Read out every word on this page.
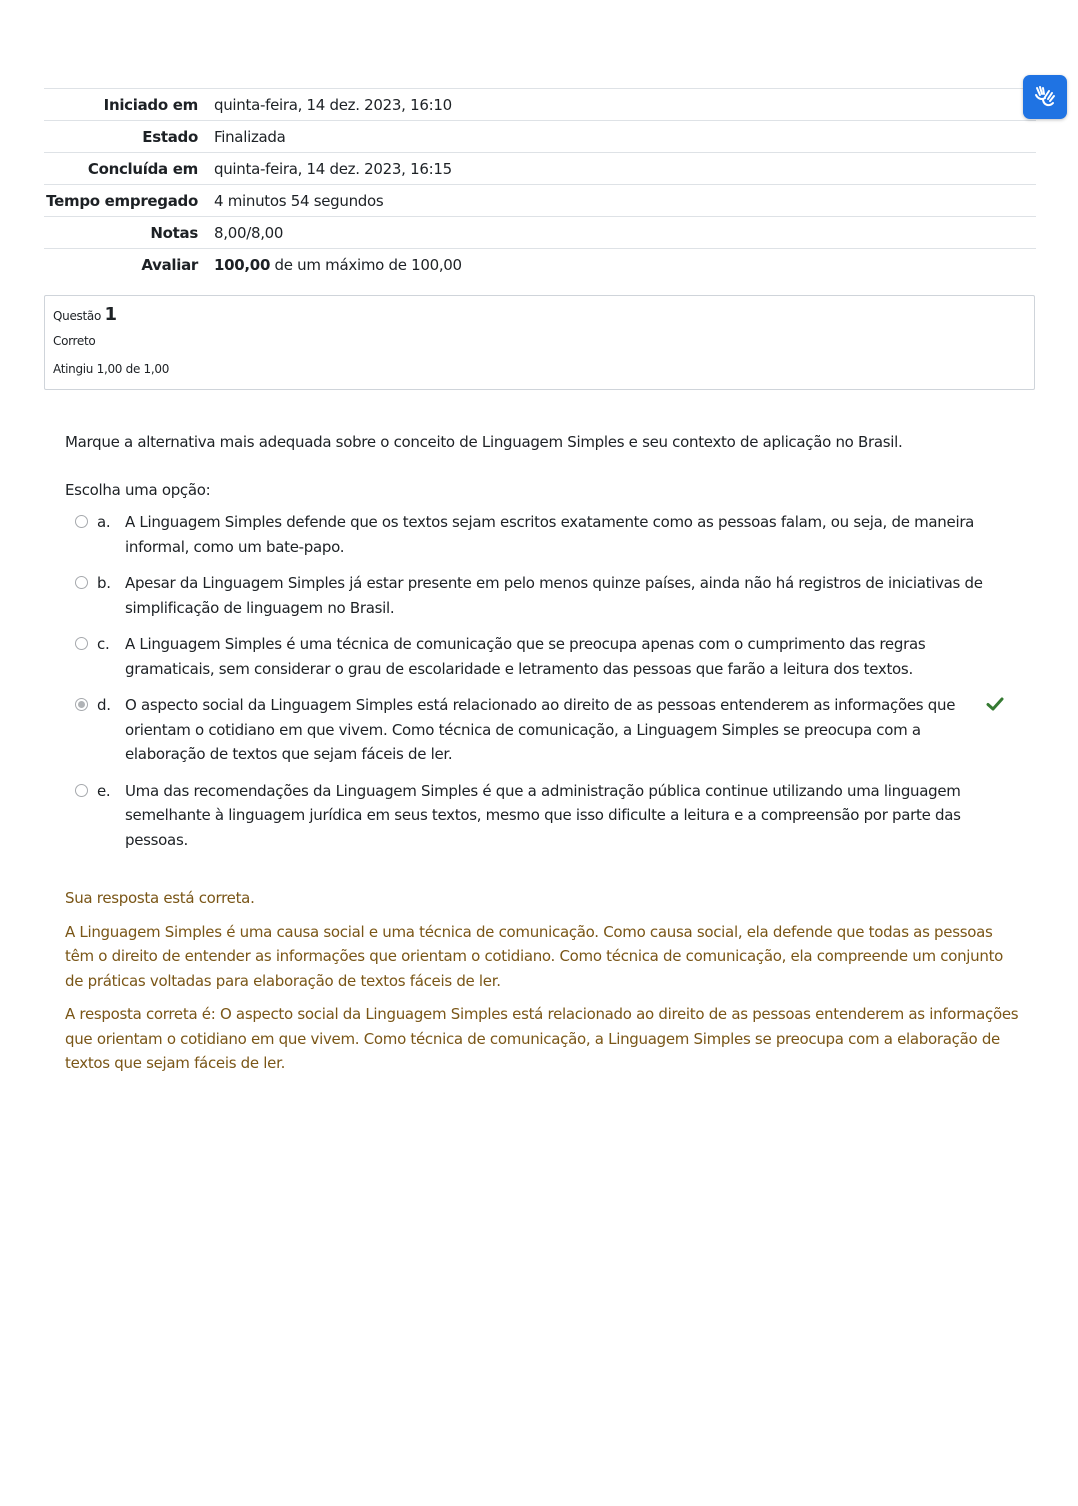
Iniciado em	quinta-feira, 14 dez. 2023, 16:10
Estado	Finalizada
Concluída em	quinta-feira, 14 dez. 2023, 16:15
Tempo empregado	4 minutos 54 segundos
Notas	8,00/8,00
Avaliar	100,00 de um máximo de 100,00
Questão 1
Correto
Atingiu 1,00 de 1,00
Marque a alternativa mais adequada sobre o conceito de Linguagem Simples e seu contexto de aplicação no Brasil.
Escolha uma opção:
a. A Linguagem Simples defende que os textos sejam escritos exatamente como as pessoas falam, ou seja, de maneira informal, como um bate-papo.
b. Apesar da Linguagem Simples já estar presente em pelo menos quinze países, ainda não há registros de iniciativas de simplificação de linguagem no Brasil.
c.	A Linguagem Simples é uma técnica de comunicação que se preocupa apenas com o cumprimento das regras gramaticais, sem considerar o grau de escolaridade e letramento das pessoas que farão a leitura dos textos.
d. O aspecto social da Linguagem Simples está relacionado ao direito de as pessoas entenderem as informações que orientam o cotidiano em que vivem. Como técnica de comunicação, a Linguagem Simples se preocupa com a elaboração de textos que sejam fáceis de ler.
e. Uma das recomendações da Linguagem Simples é que a administração pública continue utilizando uma linguagem semelhante à linguagem jurídica em seus textos, mesmo que isso dificulte a leitura e a compreensão por parte das pessoas.

Sua resposta está correta.

A Linguagem Simples é uma causa social e uma técnica de comunicação. Como causa social, ela defende que todas as pessoas têm o direito de entender as informações que orientam o cotidiano. Como técnica de comunicação, ela compreende um conjunto de práticas voltadas para elaboração de textos fáceis de ler.

A resposta correta é: O aspecto social da Linguagem Simples está relacionado ao direito de as pessoas entenderem as informações que orientam o cotidiano em que vivem. Como técnica de comunicação, a Linguagem Simples se preocupa com a elaboração de textos que sejam fáceis de ler.
